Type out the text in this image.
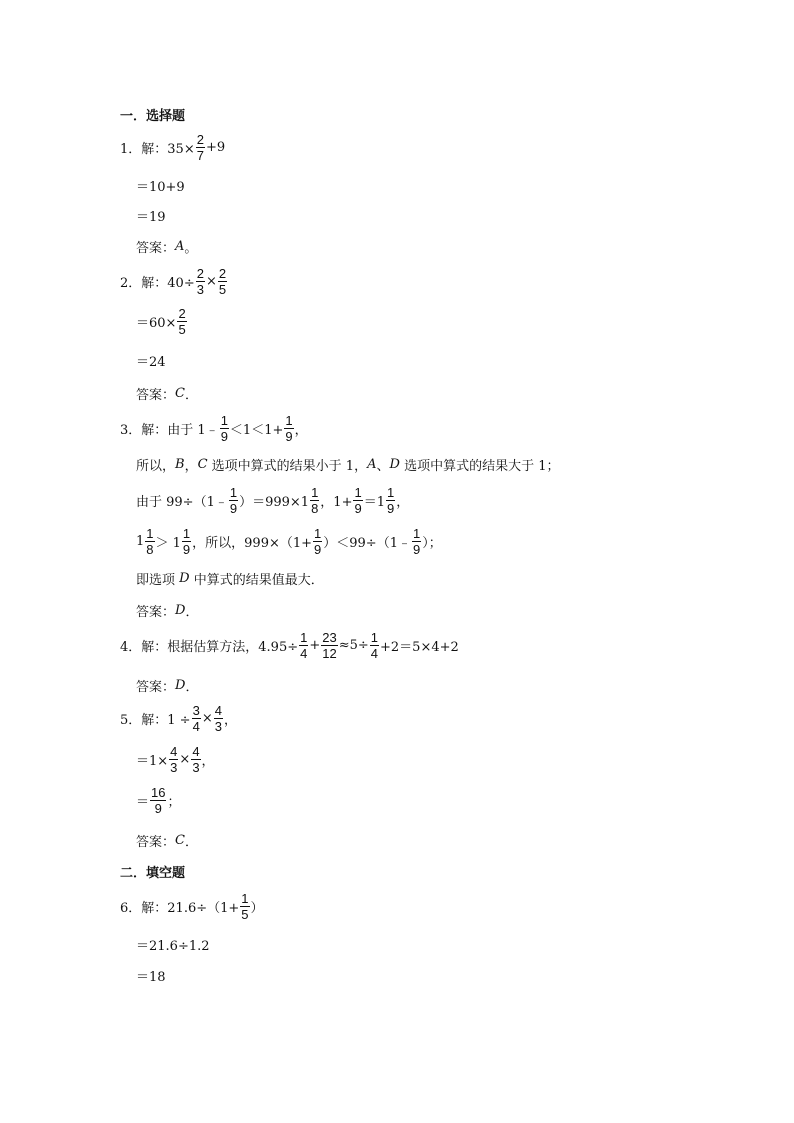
一．选择题
1．解：$35\times \frac{2}{7} +9$
＝10+9
＝19
答案： A 。
2．解：$40\div \frac{2}{3} \times \frac{2}{5}$
$=60\times \frac{2}{5}$
＝24
答案： C ．
3．解：由于 1﹣ $\frac{1}{9} <1<1+ \frac{1}{9}$ ，
所以， B ， C 选项中算式的结果小于 1， A 、 D 选项中算式的结果大于 1；
由于 99÷（1﹣ $\frac{1}{9} )=999\times 1 \frac{1}{8}$ ，$1+ \frac{1}{9} =1 \frac{1}{9}$ ，
$1 \frac{1}{8} > 1 \frac{1}{9}$ ，所以，$999\times(1+ \frac{1}{9}$ ）＜99÷（1﹣ $\frac{1}{9}$ ）；
即选项 D 中算式的结果值最大．
答案： D ．
4．解：根据估算方法，$4.95\div \frac{1}{4} + \frac{23}{12} \approx 5\div \frac{1}{4} +2=5\times 4+2$
答案： D ．
5．解：$1 \div \frac{3}{4} \times \frac{4}{3}$ ，
$=1\times \frac{4}{3} \times \frac{4}{3}$ ，
＝ $\frac{16}{9}$ ；
答案： C ．
二．填空题
6．解：$21.6\div(1+ \frac{1}{5}$ ）
＝21.6÷1.2
＝18
